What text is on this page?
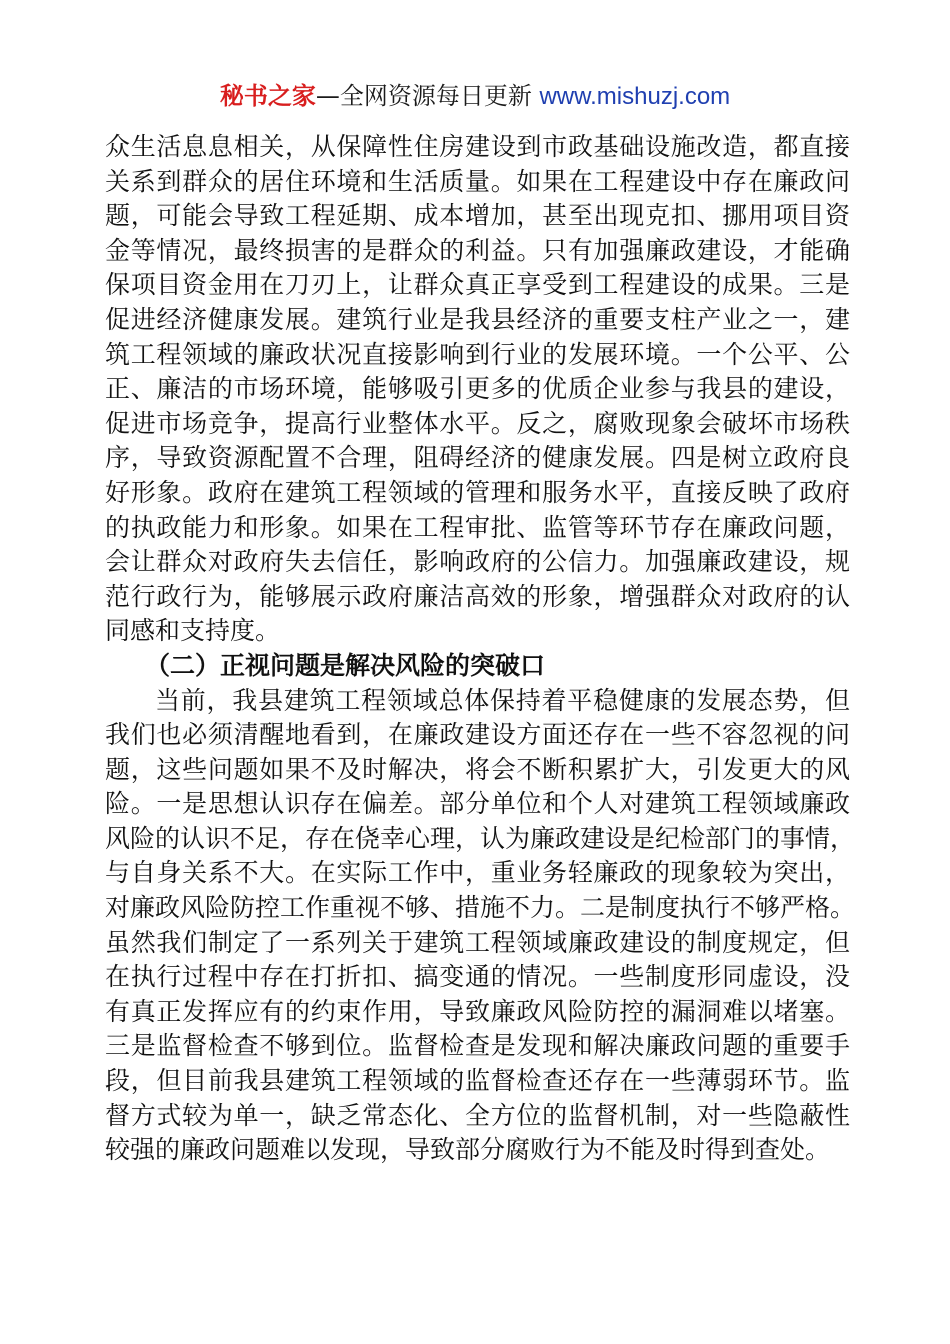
秘书之家—全网资源每日更新 www.mishuzj.com
众生活息息相关，从保障性住房建设到市政基础设施改造，都直接
关系到群众的居住环境和生活质量。如果在工程建设中存在廉政问
题，可能会导致工程延期、成本增加，甚至出现克扣、挪用项目资
金等情况，最终损害的是群众的利益。只有加强廉政建设，才能确
保项目资金用在刀刃上，让群众真正享受到工程建设的成果。三是
促进经济健康发展。建筑行业是我县经济的重要支柱产业之一，建
筑工程领域的廉政状况直接影响到行业的发展环境。一个公平、公
正、廉洁的市场环境，能够吸引更多的优质企业参与我县的建设，
促进市场竞争，提高行业整体水平。反之，腐败现象会破坏市场秩
序，导致资源配置不合理，阻碍经济的健康发展。四是树立政府良
好形象。政府在建筑工程领域的管理和服务水平，直接反映了政府
的执政能力和形象。如果在工程审批、监管等环节存在廉政问题，
会让群众对政府失去信任，影响政府的公信力。加强廉政建设，规
范行政行为，能够展示政府廉洁高效的形象，增强群众对政府的认
同感和支持度。
（二）正视问题是解决风险的突破口
当前，我县建筑工程领域总体保持着平稳健康的发展态势，但
我们也必须清醒地看到，在廉政建设方面还存在一些不容忽视的问
题，这些问题如果不及时解决，将会不断积累扩大，引发更大的风
险。一是思想认识存在偏差。部分单位和个人对建筑工程领域廉政
风险的认识不足，存在侥幸心理，认为廉政建设是纪检部门的事情，
与自身关系不大。在实际工作中，重业务轻廉政的现象较为突出，
对廉政风险防控工作重视不够、措施不力。二是制度执行不够严格。
虽然我们制定了一系列关于建筑工程领域廉政建设的制度规定，但
在执行过程中存在打折扣、搞变通的情况。一些制度形同虚设，没
有真正发挥应有的约束作用，导致廉政风险防控的漏洞难以堵塞。
三是监督检查不够到位。监督检查是发现和解决廉政问题的重要手
段，但目前我县建筑工程领域的监督检查还存在一些薄弱环节。监
督方式较为单一，缺乏常态化、全方位的监督机制，对一些隐蔽性
较强的廉政问题难以发现，导致部分腐败行为不能及时得到查处。
